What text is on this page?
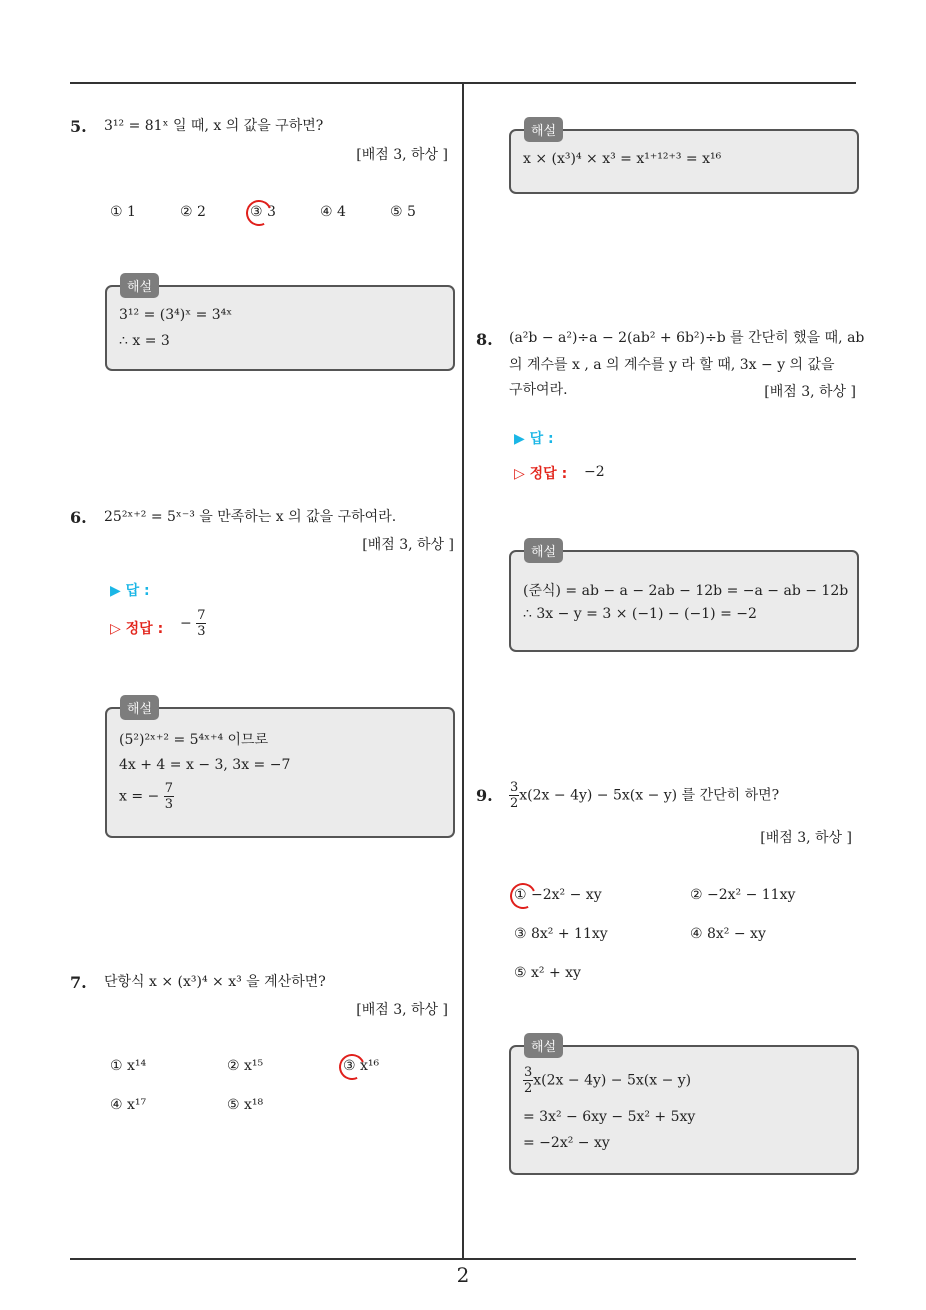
5. 3¹² = 81ˣ 일 때, x 의 값을 구하면?
[배점 3, 하상 ]
① 1	② 2	③ 3	④ 4	⑤ 5
해설
3¹² = (3⁴)ˣ = 3⁴ˣ
∴ x = 3
6. 25²ˣ⁺² = 5ˣ⁻³ 을 만족하는 x 의 값을 구하여라.
[배점 3, 하상 ]
▶ 답 :
▷ 정답 : − $\frac{7}{3}$
해설
(5²)²ˣ⁺² = 5⁴ˣ⁺⁴ 이므로
4x + 4 = x − 3, 3x = −7
x = − $\frac{7}{3}$
7. 단항식 x × (x³)⁴ × x³ 을 계산하면?
[배점 3, 하상 ]
① x¹⁴	② x¹⁵	③ x¹⁶
④ x¹⁷	⑤ x¹⁸
해설
x × (x³)⁴ × x³ = x¹⁺¹²⁺³ = x¹⁶
8. (a²b − a²)÷a − 2(ab² + 6b²)÷b 를 간단히 했을 때, ab
의 계수를 x , a 의 계수를 y 라 할 때, 3x − y 의 값을
구하여라.	[배점 3, 하상 ]
▶ 답 :
▷ 정답 : −2
해설
(준식) = ab − a − 2ab − 12b = −a − ab − 12b
∴ 3x − y = 3 × (−1) − (−1) = −2
9. $\frac{3}{2} x(2x - 4y) - 5x(x - y)$ 를 간단히 하면?
[배점 3, 하상 ]
① −2x² − xy	② −2x² − 11xy
③ 8x² + 11xy	④ 8x² − xy
⑤ x² + xy
해설
$\frac{3}{2} x(2x - 4y) - 5x(x - y)$
= 3x² − 6xy − 5x² + 5xy
= −2x² − xy
2
